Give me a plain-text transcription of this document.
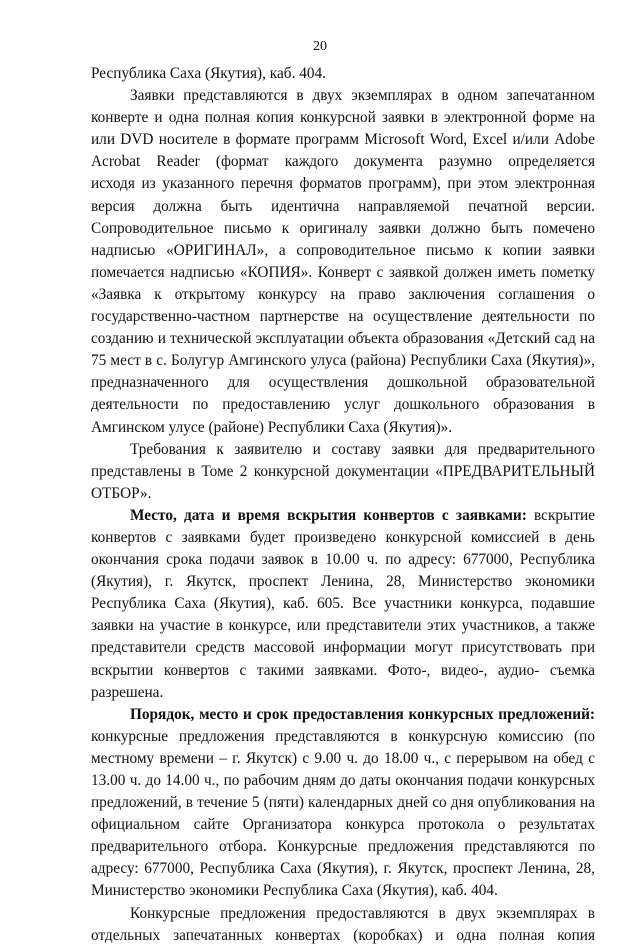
20
Республика Саха (Якутия), каб. 404.
Заявки представляются в двух экземплярах в одном запечатанном
конверте и одна полная копия конкурсной заявки в электронной форме на
или DVD носителе в формате программ Microsoft Word, Excel и/или Adobe
Acrobat Reader (формат каждого документа разумно определяется
исходя из указанного перечня форматов программ), при этом электронная
версия должна быть идентична направляемой печатной версии.
Сопроводительное письмо к оригиналу заявки должно быть помечено
надписью «ОРИГИНАЛ», а сопроводительное письмо к копии заявки
помечается надписью «КОПИЯ». Конверт с заявкой должен иметь пометку
«Заявка к открытому конкурсу на право заключения соглашения о
государственно-частном партнерстве на осуществление деятельности по
созданию и технической эксплуатации объекта образования «Детский сад на
75 мест в с. Болугур Амгинского улуса (района) Республики Саха (Якутия)»,
предназначенного для осуществления дошкольной образовательной
деятельности по предоставлению услуг дошкольного образования в
Амгинском улусе (районе) Республики Саха (Якутия)».
Требования к заявителю и составу заявки для предварительного
представлены в Томе 2 конкурсной документации «ПРЕДВАРИТЕЛЬНЫЙ
ОТБОР».
Место, дата и время вскрытия конвертов с заявками: вскрытие
конвертов с заявками будет произведено конкурсной комиссией в день
окончания срока подачи заявок в 10.00 ч. по адресу: 677000, Республика
(Якутия), г. Якутск, проспект Ленина, 28, Министерство экономики
Республика Саха (Якутия), каб. 605. Все участники конкурса, подавшие
заявки на участие в конкурсе, или представители этих участников, а также
представители средств массовой информации могут присутствовать при
вскрытии конвертов с такими заявками. Фото-, видео-, аудио- съемка
разрешена.
Порядок, место и срок предоставления конкурсных предложений:
конкурсные предложения представляются в конкурсную комиссию (по
местному времени – г. Якутск) с 9.00 ч. до 18.00 ч., с перерывом на обед с
13.00 ч. до 14.00 ч., по рабочим дням до даты окончания подачи конкурсных
предложений, в течение 5 (пяти) календарных дней со дня опубликования на
официальном сайте Организатора конкурса протокола о результатах
предварительного отбора. Конкурсные предложения представляются по
адресу: 677000, Республика Саха (Якутия), г. Якутск, проспект Ленина, 28,
Министерство экономики Республика Саха (Якутия), каб. 404.
Конкурсные предложения предоставляются в двух экземплярах в
отдельных запечатанных конвертах (коробках) и одна полная копия
